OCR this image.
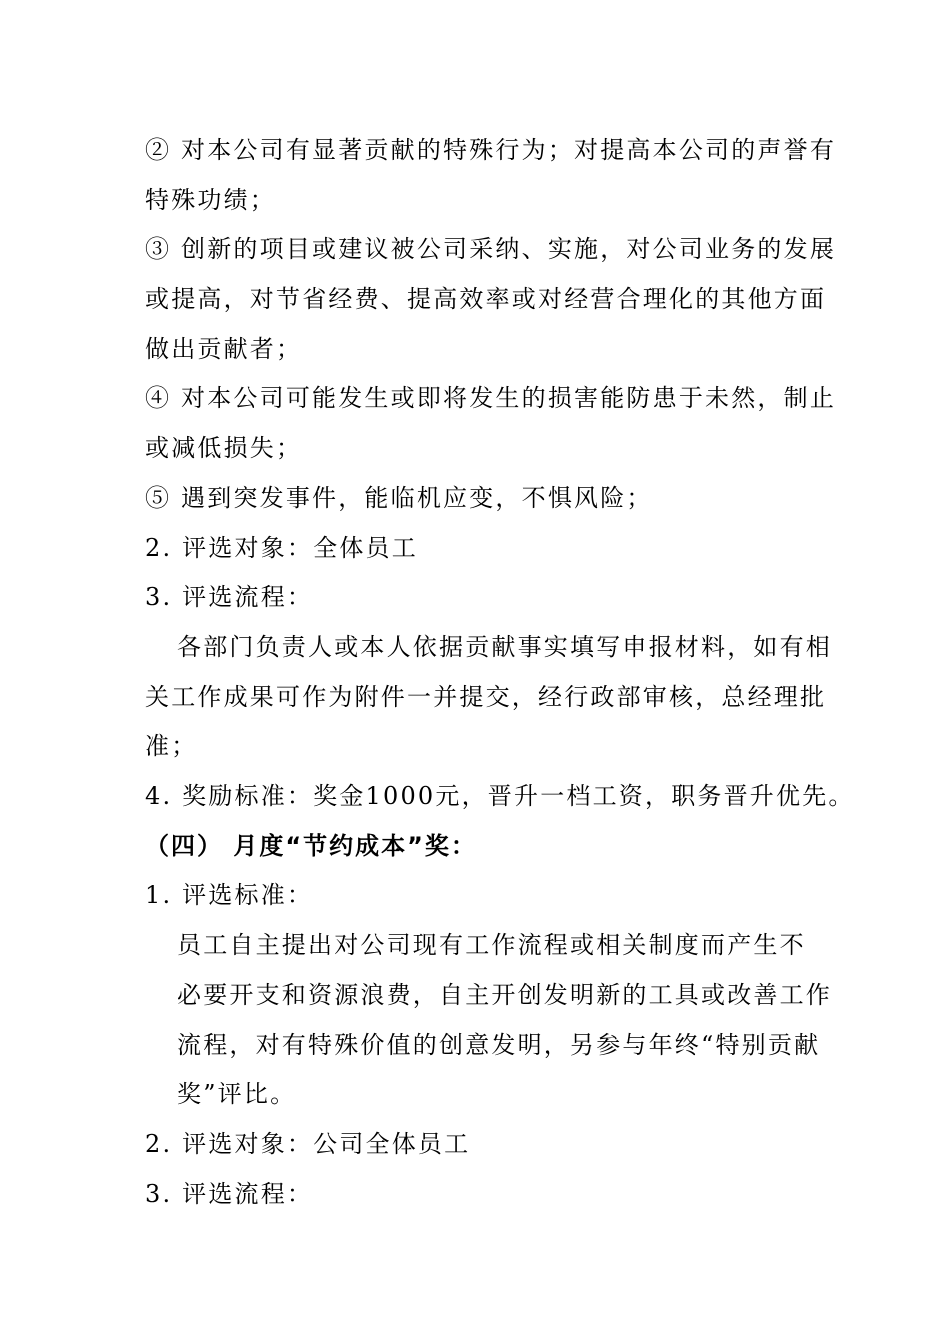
② 对本公司有显著贡献的特殊行为；对提高本公司的声誉有
特殊功绩；
③ 创新的项目或建议被公司采纳、实施，对公司业务的发展
或提高，对节省经费、提高效率或对经营合理化的其他方面
做出贡献者；
④ 对本公司可能发生或即将发生的损害能防患于未然，制止
或减低损失；
⑤ 遇到突发事件，能临机应变，不惧风险；
2. 评选对象：全体员工
3. 评选流程：
各部门负责人或本人依据贡献事实填写申报材料，如有相
关工作成果可作为附件一并提交，经行政部审核，总经理批
准；
4. 奖励标准：奖金1000元，晋升一档工资，职务晋升优先。
（四） 月度“节约成本”奖：
1. 评选标准：
员工自主提出对公司现有工作流程或相关制度而产生不
必要开支和资源浪费，自主开创发明新的工具或改善工作
流程，对有特殊价值的创意发明，另参与年终“特别贡献
奖”评比。
2. 评选对象：公司全体员工
3. 评选流程：
